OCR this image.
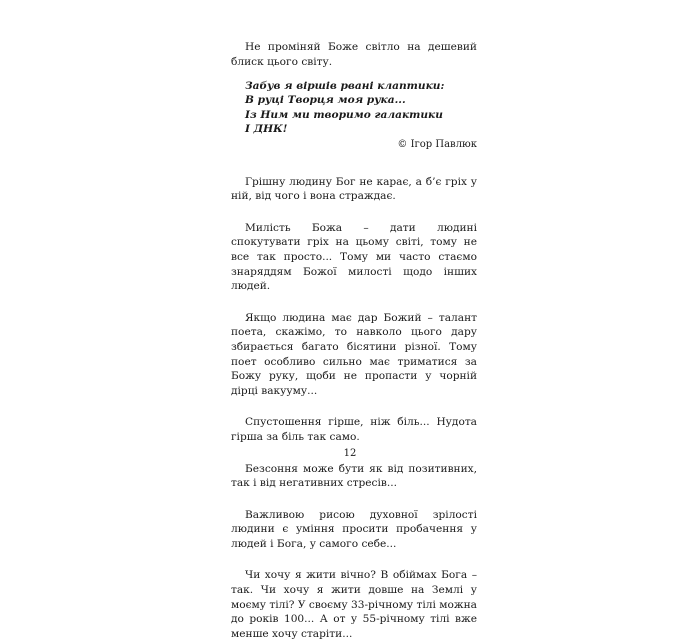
Не проміняй Боже світло на дешевий блиск цього світу.

Забув я віршів рвані клаптики:
В руці Творця моя рука...
Із Ним ми творимо галактики
І ДНК!
© Ігор Павлюк

Грішну людину Бог не карає, а б’є гріх у ній, від чого і вона страждає.

Милість Божа – дати людині спокутувати гріх на цьому світі, тому не все так просто... Тому ми часто стаємо знаряддям Божої милості щодо інших людей.

Якщо людина має дар Божий – талант поета, скажімо, то навколо цього дару збирається багато бісятини різної. Тому поет особливо сильно має триматися за Божу руку, щоби не пропасти у чорній дірці вакууму...

Спустошення гірше, ніж біль... Нудота гірша за біль так само.

Безсоння може бути як від позитивних, так і від негативних стресів...

Важливою рисою духовної зрілості людини є уміння просити пробачення у людей і Бога, у самого себе...

Чи хочу я жити вічно? В обіймах Бога – так. Чи хочу я жити довше на Землі у моєму тілі? У своєму 33-річному тілі можна до років 100... А от у 55-річному тілі вже менше хочу старіти...

12
